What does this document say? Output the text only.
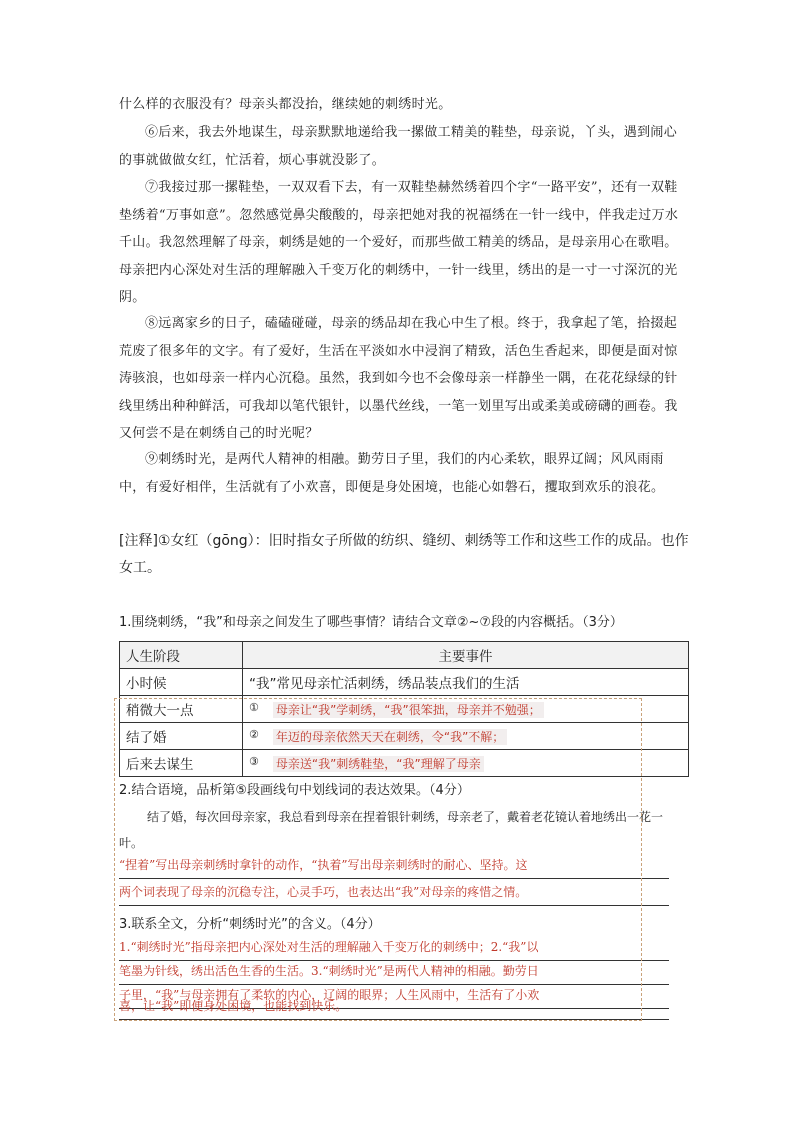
什么样的衣服没有？母亲头都没抬，继续她的刺绣时光。
⑥后来，我去外地谋生，母亲默默地递给我一摞做工精美的鞋垫，母亲说，丫头，遇到闹心的事就做做女红，忙活着，烦心事就没影了。
⑦我接过那一摞鞋垫，一双双看下去，有一双鞋垫赫然绣着四个字“一路平安”，还有一双鞋垫绣着“万事如意”。忽然感觉鼻尖酸酸的，母亲把她对我的祝福绣在一针一线中，伴我走过万水千山。我忽然理解了母亲，刺绣是她的一个爱好，而那些做工精美的绣品，是母亲用心在歌唱。母亲把内心深处对生活的理解融入千变万化的刺绣中，一针一线里，绣出的是一寸一寸深沉的光阴。
⑧远离家乡的日子，磕磕碰碰，母亲的绣品却在我心中生了根。终于，我拿起了笔，拾掇起荒废了很多年的文字。有了爱好，生活在平淡如水中浸润了精致，活色生香起来，即便是面对惊涛骇浪，也如母亲一样内心沉稳。虽然，我到如今也不会像母亲一样静坐一隅，在花花绿绿的针线里绣出种种鲜活，可我却以笔代银针，以墨代丝线，一笔一划里写出或柔美或磅礴的画卷。我又何尝不是在刺绣自己的时光呢？
⑨刺绣时光，是两代人精神的相融。勤劳日子里，我们的内心柔软，眼界辽阔；风风雨雨中，有爱好相伴，生活就有了小欢喜，即便是身处困境，也能心如磐石，攫取到欢乐的浪花。
[注释]①女红（gōng）：旧时指女子所做的纺织、缝纫、刺绣等工作和这些工作的成品。也作女工。
1.围绕刺绣，“我”和母亲之间发生了哪些事情？请结合文章②~⑦段的内容概括。（3分）
人生阶段	主要事件
小时候	“我”常见母亲忙活刺绣，绣品装点我们的生活
稍微大一点	① 母亲让“我”学刺绣，“我”很笨拙，母亲并不勉强；
结了婚	② 年迈的母亲依然天天在刺绣，令“我”不解；
后来去谋生	③ 母亲送“我”刺绣鞋垫，“我”理解了母亲
2.结合语境，品析第⑤段画线句中划线词的表达效果。（4分）
结了婚，每次回母亲家，我总看到母亲在捏着银针刺绣，母亲老了，戴着老花镜认着地绣出一花一叶。
“捏着”写出母亲刺绣时拿针的动作，“执着”写出母亲刺绣时的耐心、坚持。这
两个词表现了母亲的沉稳专注，心灵手巧，也表达出“我”对母亲的疼惜之情。
3.联系全文，分析“刺绣时光”的含义。（4分）
1.“刺绣时光”指母亲把内心深处对生活的理解融入千变万化的刺绣中；2.“我”以
笔墨为针线，绣出活色生香的生活。3.“刺绣时光”是两代人精神的相融。勤劳日
子里，“我”与母亲拥有了柔软的内心，辽阔的眼界；人生风雨中，生活有了小欢
喜，让“我”即便身处困境，也能找到快乐。
